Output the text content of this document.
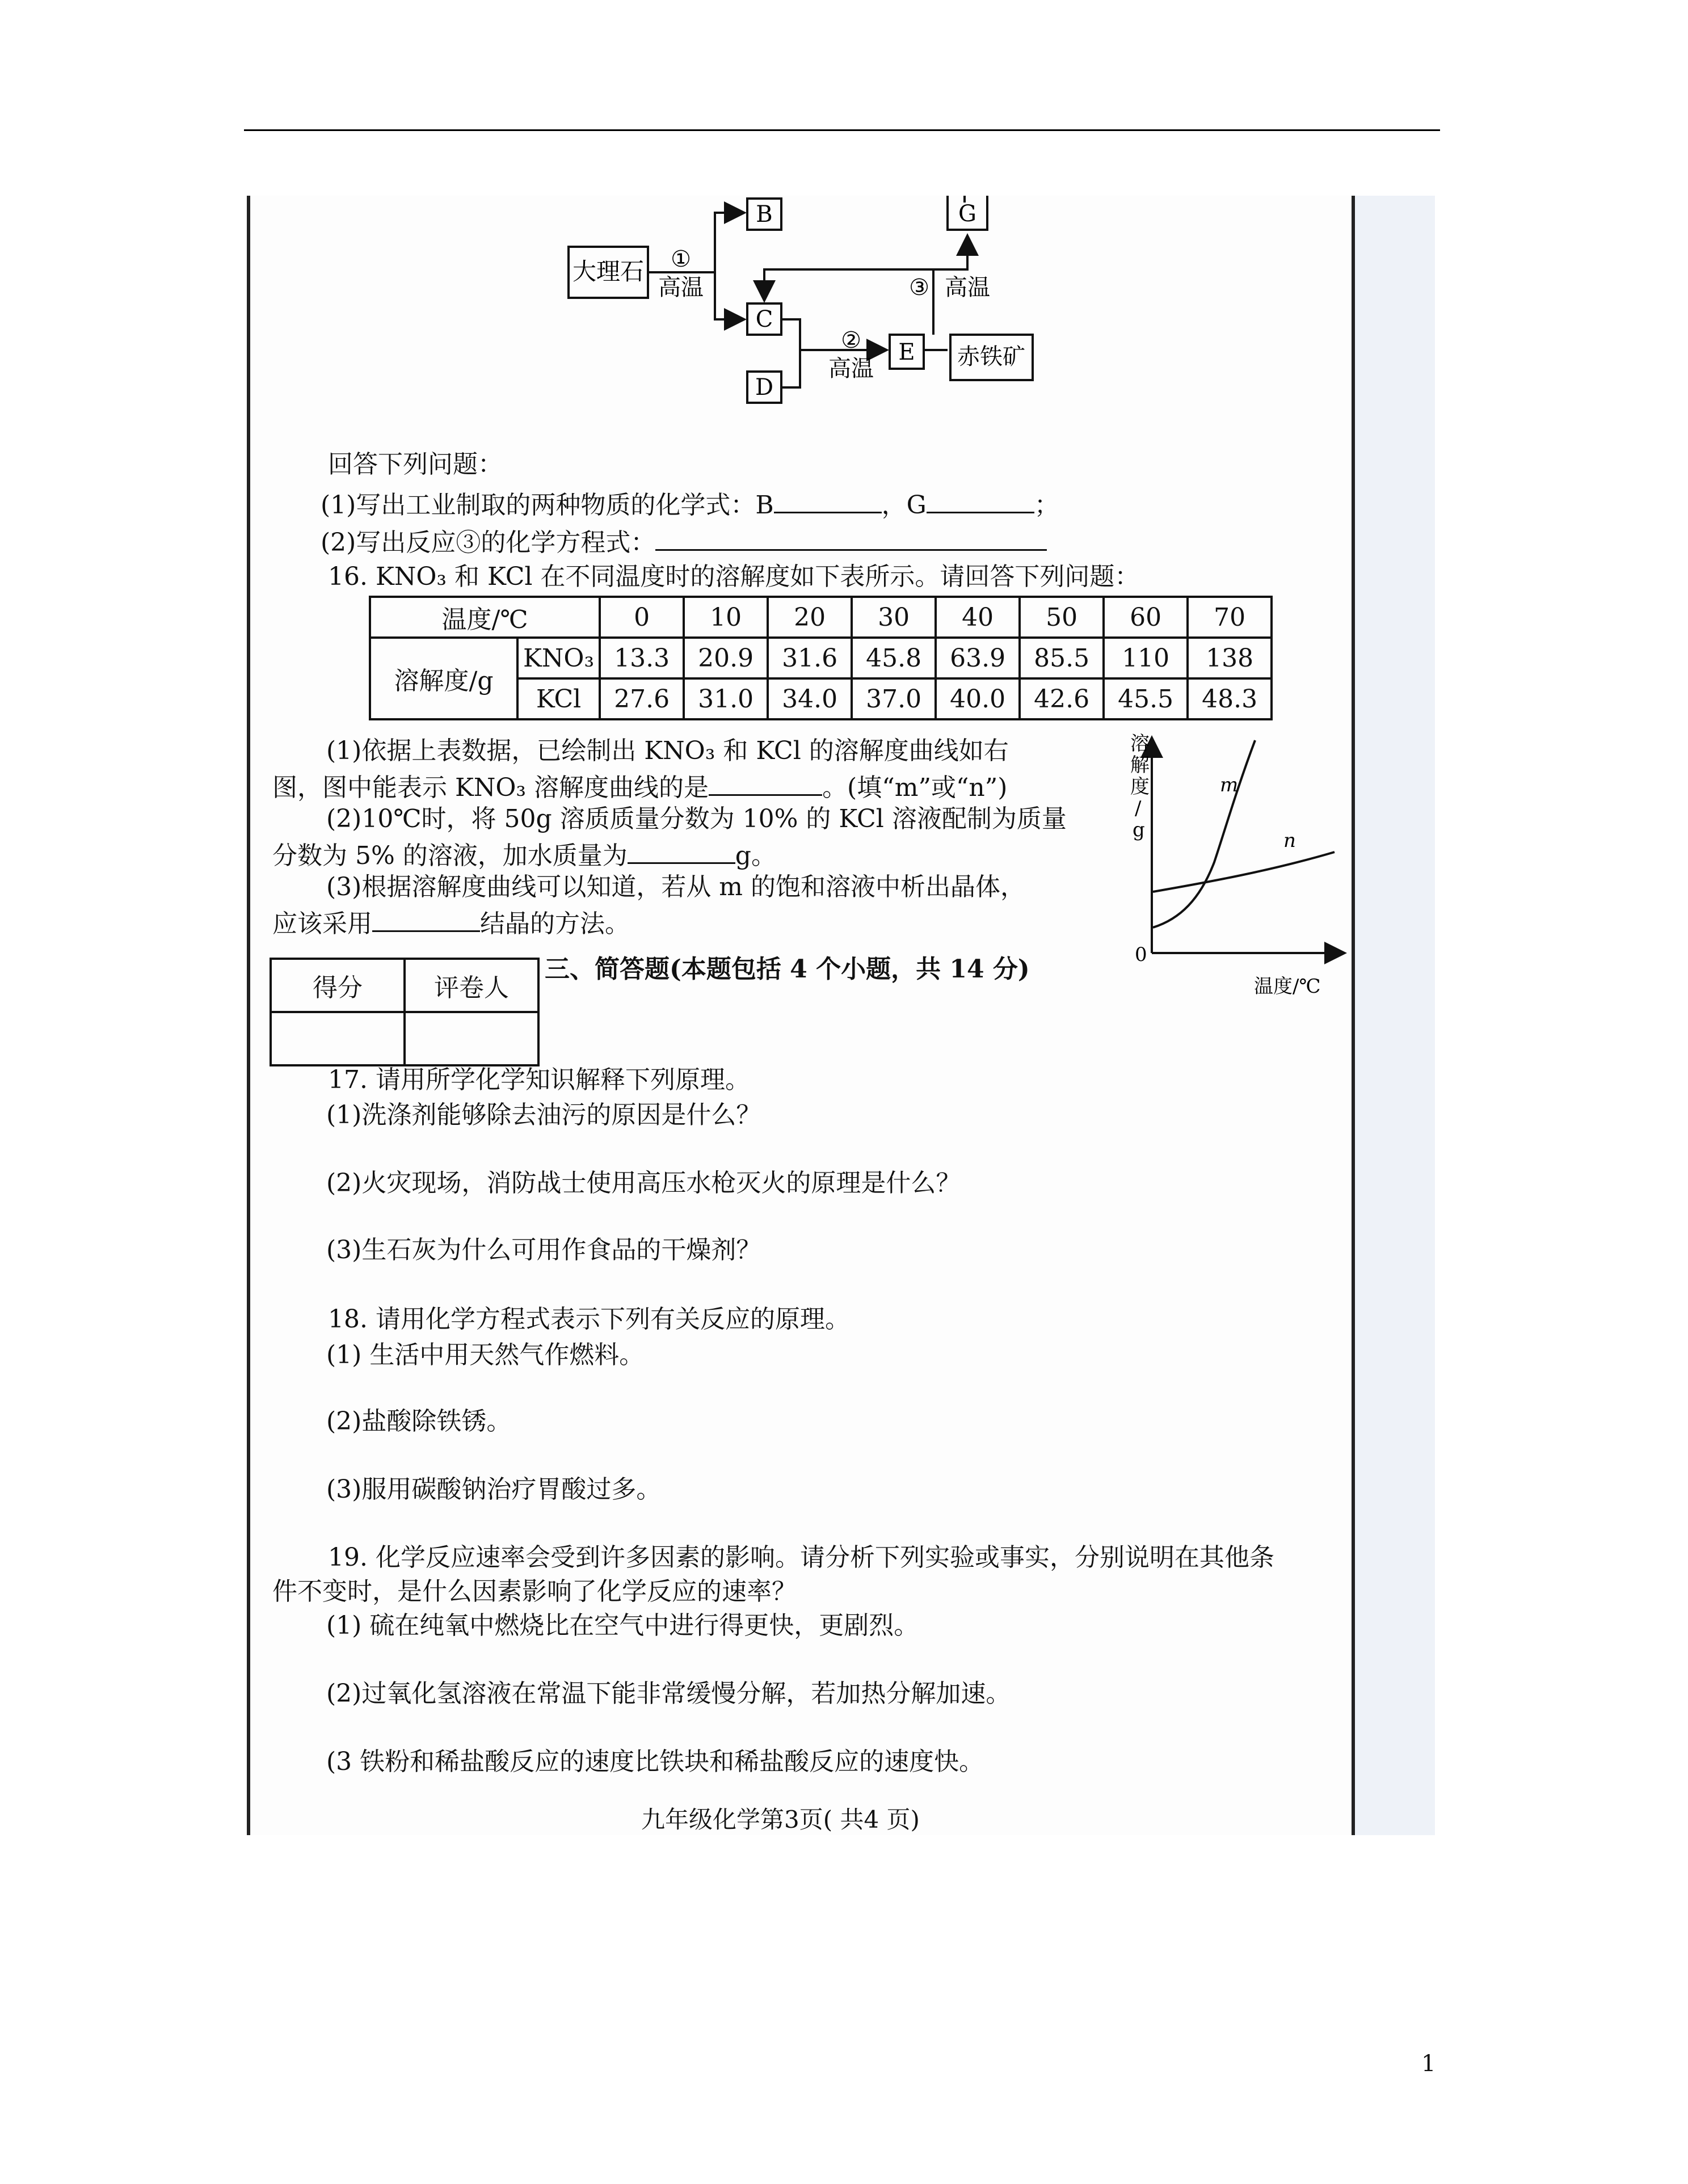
大理石
B	G
C
D
E 赤铁矿
①
高温
②
高温
③ 高温
回答下列问题：
(1)写出工业制取的两种物质的化学式：B	，G	；
(2)写出反应③的化学方程式：
16. KNO₃ 和 KCl 在不同温度时的溶解度如下表所示。请回答下列问题：
温度/℃		0	10	20	30	40	50	60	70
溶解度/g	KNO₃	13.3	20.9	31.6	45.8	63.9	85.5	110	138
	KCl	27.6	31.0	34.0	37.0	40.0	42.6	45.5	48.3
(1)依据上表数据，已绘制出 KNO₃ 和 KCl 的溶解度曲线如右
图，图中能表示 KNO₃ 溶解度曲线的是	。(填“m”或“n”)
(2)10℃时，将 50g 溶质质量分数为 10% 的 KCl 溶液配制为质量
分数为 5% 的溶液，加水质量为	g。
(3)根据溶解度曲线可以知道，若从 m 的饱和溶液中析出晶体，
应该采用	结晶的方法。
m
n
溶
解
度
/
g
0
温度/℃
得分	评卷人

三、简答题(本题包括 4 个小题，共 14 分)
17. 请用所学化学知识解释下列原理。
(1)洗涤剂能够除去油污的原因是什么？
(2)火灾现场，消防战士使用高压水枪灭火的原理是什么？
(3)生石灰为什么可用作食品的干燥剂？
18. 请用化学方程式表示下列有关反应的原理。
(1) 生活中用天然气作燃料。
(2)盐酸除铁锈。
(3)服用碳酸钠治疗胃酸过多。
19. 化学反应速率会受到许多因素的影响。请分析下列实验或事实，分别说明在其他条
件不变时，是什么因素影响了化学反应的速率？
(1) 硫在纯氧中燃烧比在空气中进行得更快，更剧烈。
(2)过氧化氢溶液在常温下能非常缓慢分解，若加热分解加速。
(3 铁粉和稀盐酸反应的速度比铁块和稀盐酸反应的速度快。
九年级化学第3页( 共4 页)
1
